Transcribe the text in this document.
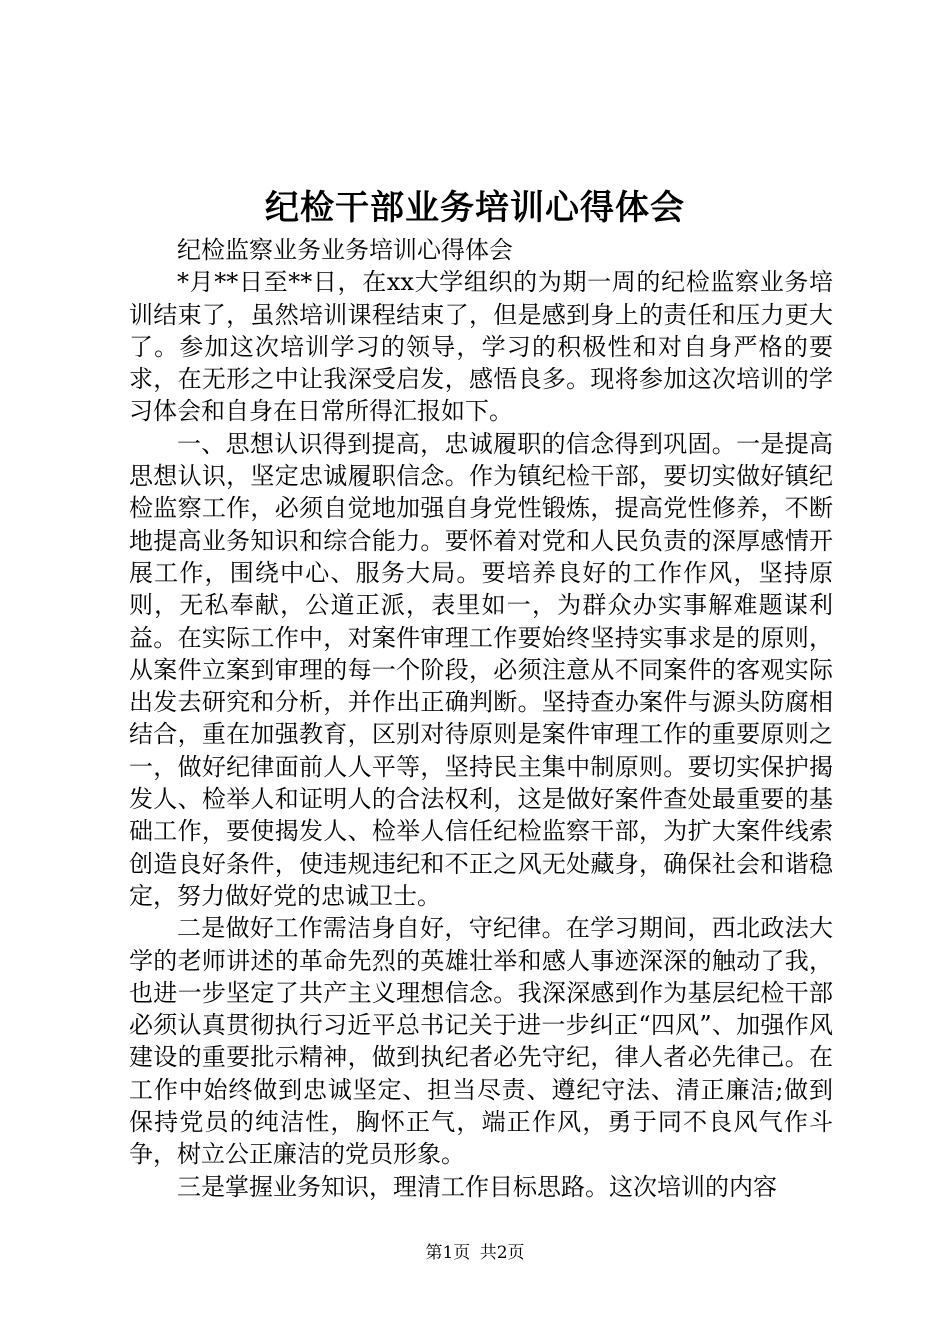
纪检干部业务培训心得体会

纪检监察业务业务培训心得体会

*月**日至**日，在xx大学组织的为期一周的纪检监察业务培训结束了，虽然培训课程结束了，但是感到身上的责任和压力更大了。参加这次培训学习的领导，学习的积极性和对自身严格的要求，在无形之中让我深受启发，感悟良多。现将参加这次培训的学习体会和自身在日常所得汇报如下。

一、思想认识得到提高，忠诚履职的信念得到巩固。一是提高思想认识，坚定忠诚履职信念。作为镇纪检干部，要切实做好镇纪检监察工作，必须自觉地加强自身党性锻炼，提高党性修养，不断地提高业务知识和综合能力。要怀着对党和人民负责的深厚感情开展工作，围绕中心、服务大局。要培养良好的工作作风，坚持原则，无私奉献，公道正派，表里如一，为群众办实事解难题谋利益。在实际工作中，对案件审理工作要始终坚持实事求是的原则，从案件立案到审理的每一个阶段，必须注意从不同案件的客观实际出发去研究和分析，并作出正确判断。坚持查办案件与源头防腐相结合，重在加强教育，区别对待原则是案件审理工作的重要原则之一，做好纪律面前人人平等，坚持民主集中制原则。要切实保护揭发人、检举人和证明人的合法权利，这是做好案件查处最重要的基础工作，要使揭发人、检举人信任纪检监察干部，为扩大案件线索创造良好条件，使违规违纪和不正之风无处藏身，确保社会和谐稳定，努力做好党的忠诚卫士。

二是做好工作需洁身自好，守纪律。在学习期间，西北政法大学的老师讲述的革命先烈的英雄壮举和感人事迹深深的触动了我，也进一步坚定了共产主义理想信念。我深深感到作为基层纪检干部必须认真贯彻执行习近平总书记关于进一步纠正“四风”、加强作风建设的重要批示精神，做到执纪者必先守纪，律人者必先律己。在工作中始终做到忠诚坚定、担当尽责、遵纪守法、清正廉洁;做到保持党员的纯洁性，胸怀正气，端正作风，勇于同不良风气作斗争，树立公正廉洁的党员形象。

三是掌握业务知识，理清工作目标思路。这次培训的内容

第1页 共2页
